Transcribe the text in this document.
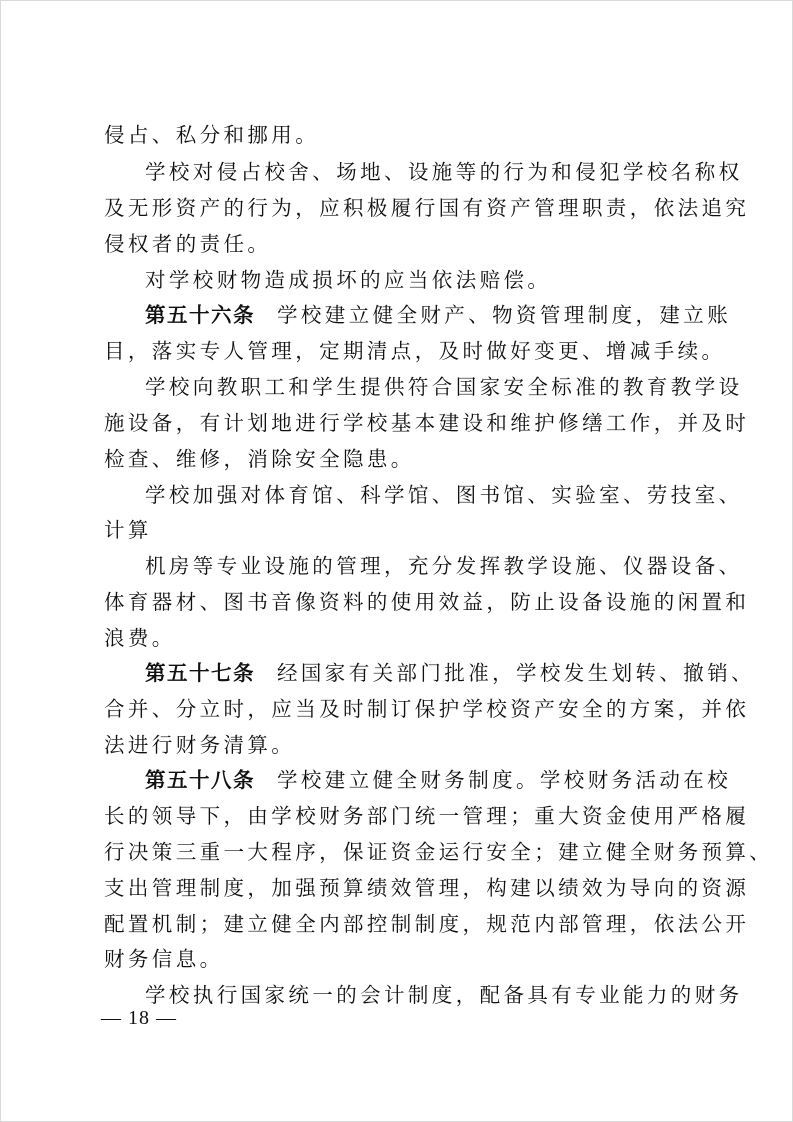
侵占、私分和挪用。
学校对侵占校舍、场地、设施等的行为和侵犯学校名称权
及无形资产的行为，应积极履行国有资产管理职责，依法追究
侵权者的责任。
对学校财物造成损坏的应当依法赔偿。
第五十六条 学校建立健全财产、物资管理制度，建立账
目，落实专人管理，定期清点，及时做好变更、增减手续。
学校向教职工和学生提供符合国家安全标准的教育教学设
施设备，有计划地进行学校基本建设和维护修缮工作，并及时
检查、维修，消除安全隐患。
学校加强对体育馆、科学馆、图书馆、实验室、劳技室、
计算
机房等专业设施的管理，充分发挥教学设施、仪器设备、
体育器材、图书音像资料的使用效益，防止设备设施的闲置和
浪费。
第五十七条 经国家有关部门批准，学校发生划转、撤销、
合并、分立时，应当及时制订保护学校资产安全的方案，并依
法进行财务清算。
第五十八条 学校建立健全财务制度。学校财务活动在校
长的领导下，由学校财务部门统一管理；重大资金使用严格履
行决策三重一大程序，保证资金运行安全；建立健全财务预算、
支出管理制度，加强预算绩效管理，构建以绩效为导向的资源
配置机制；建立健全内部控制制度，规范内部管理，依法公开
财务信息。
学校执行国家统一的会计制度，配备具有专业能力的财务
— 18 —
